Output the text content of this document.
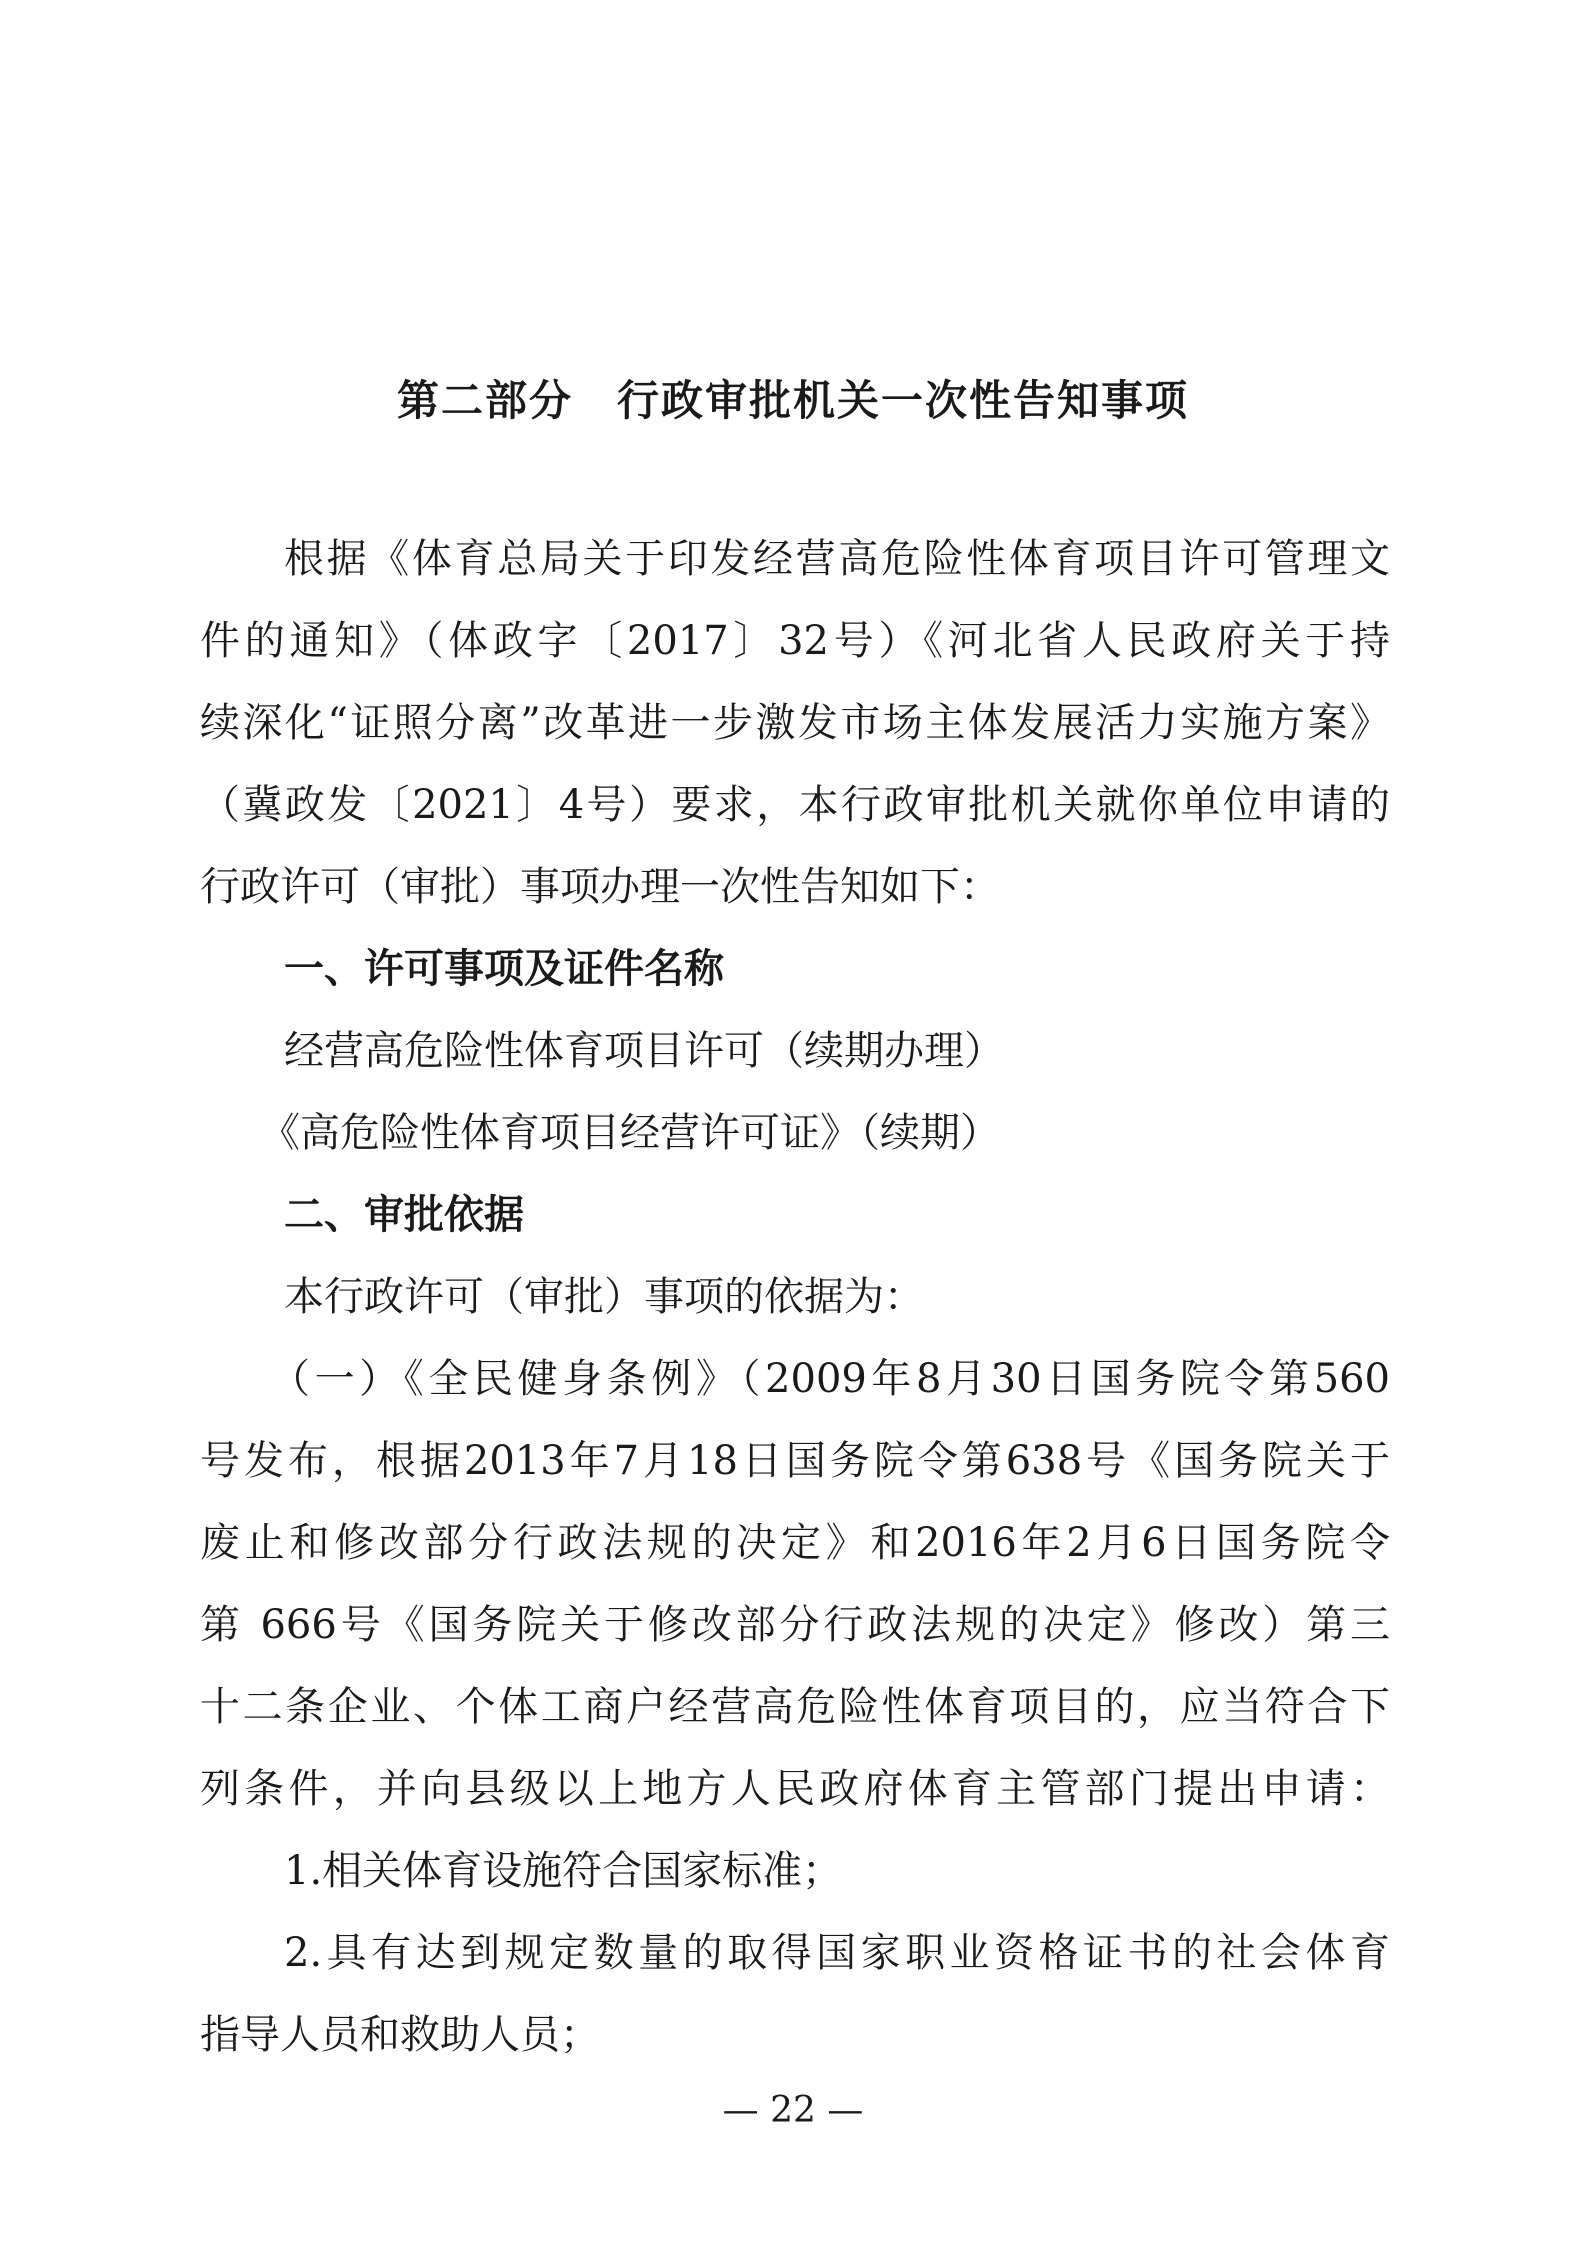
第二部分　行政审批机关一次性告知事项
根据《体育总局关于印发经营高危险性体育项目许可管理文
件的通知》（体政字〔2017〕32号）《河北省人民政府关于持
续深化“证照分离”改革进一步激发市场主体发展活力实施方案》
（冀政发〔2021〕4号）要求，本行政审批机关就你单位申请的
行政许可（审批）事项办理一次性告知如下：
一、许可事项及证件名称
经营高危险性体育项目许可（续期办理）
《高危险性体育项目经营许可证》（续期）
二、审批依据
本行政许可（审批）事项的依据为：
（一）《全民健身条例》（2009年8月30日国务院令第560
号发布，根据2013年7月18日国务院令第638号《国务院关于
废止和修改部分行政法规的决定》和2016年2月6日国务院令
第 666号《国务院关于修改部分行政法规的决定》修改）第三
十二条企业、个体工商户经营高危险性体育项目的，应当符合下
列条件，并向县级以上地方人民政府体育主管部门提出申请：
1.相关体育设施符合国家标准；
2.具有达到规定数量的取得国家职业资格证书的社会体育
指导人员和救助人员；
— 22 —
